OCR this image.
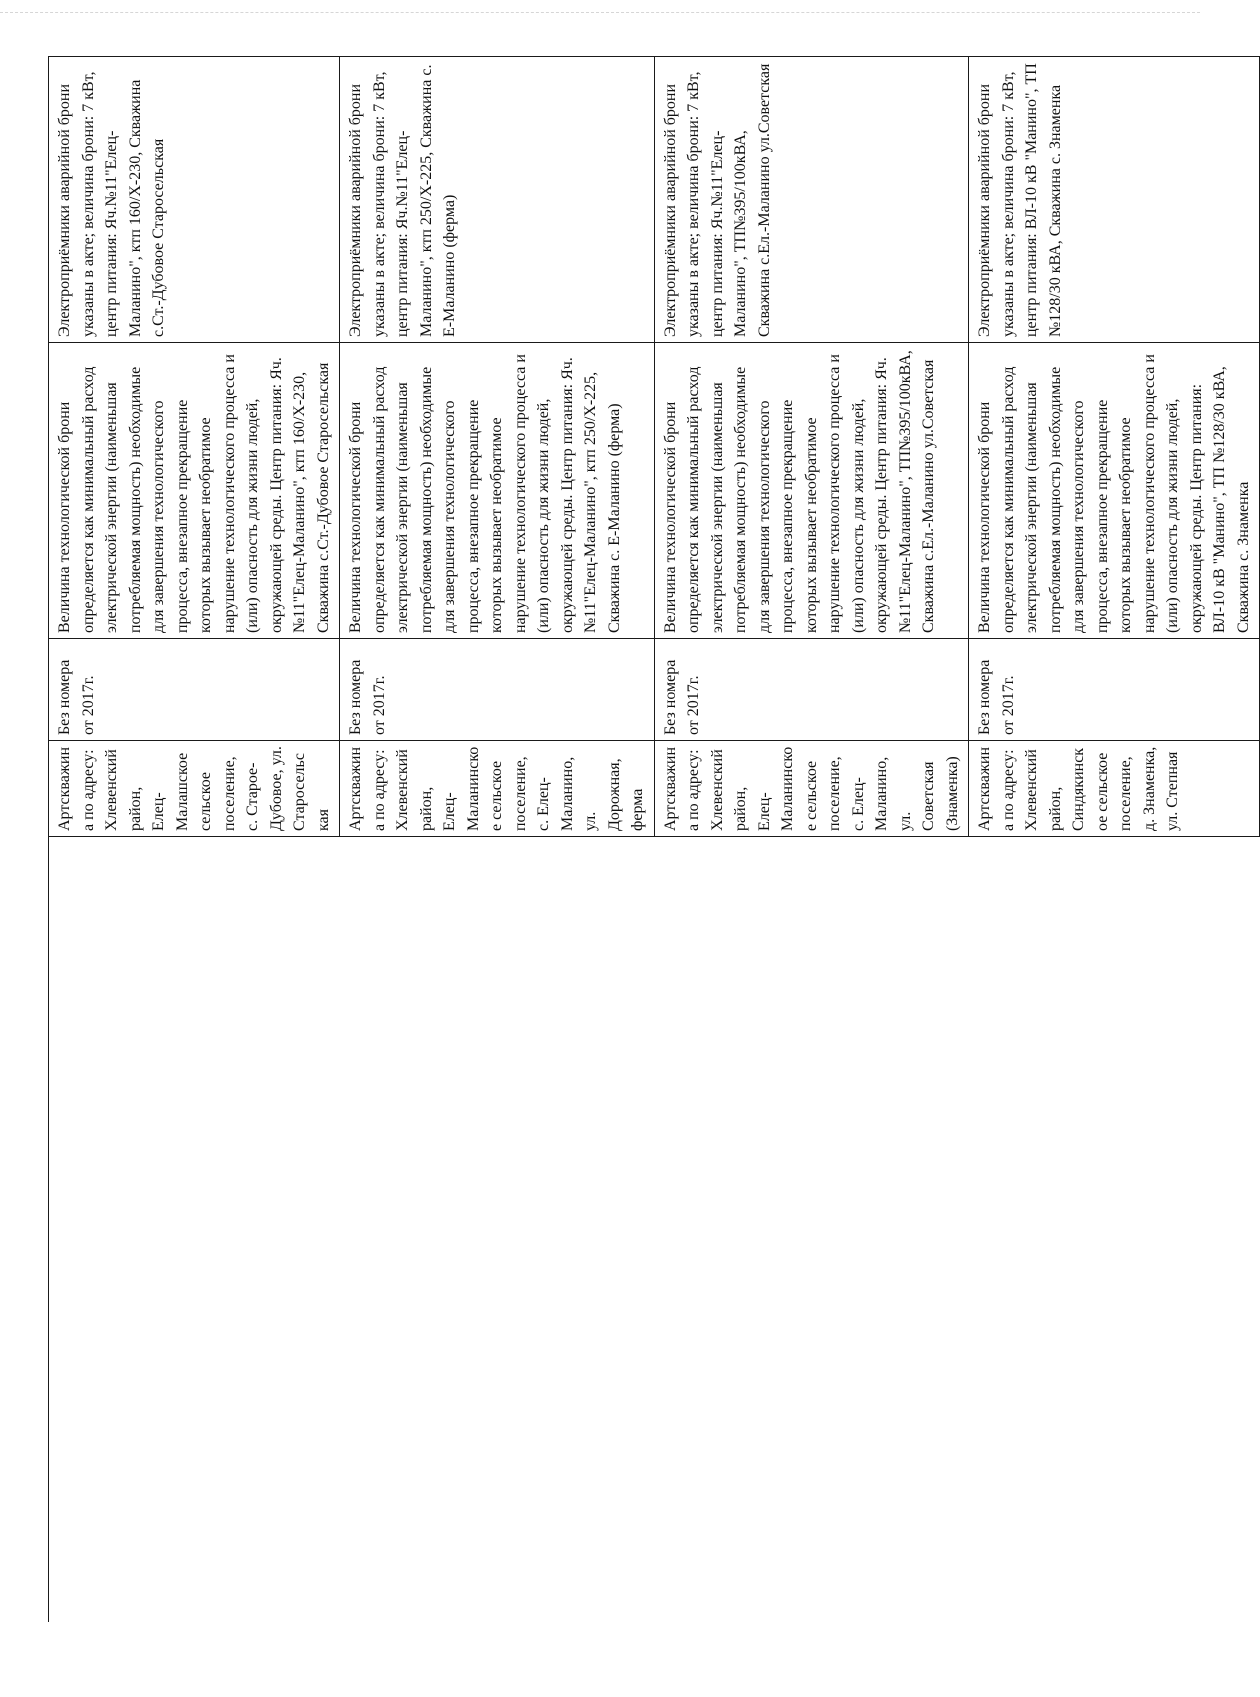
Артскважина по адресу: Хлевенский район, Елец-Малашское сельское поселение, с. Старое-Дубовое, ул. Старосельская	Без номера от 2017г.	Величина технологической брони определяется как минимальный расход электрической энергии (наименьшая потребляемая мощность) необходимые для завершения технологического процесса, внезапное прекращение которых вызывает необратимое нарушение технологического процесса и (или) опасность для жизни людей, окружающей среды. Центр питания: Яч.№11"Елец-Маланино", ктп 160/Х-230, Скважина с.Ст.-Дубовое Старосельская	Электроприёмники аварийной брони указаны в акте; величина брони: 7 кВт, центр питания: Яч.№11"Елец-Маланино", ктп 160/Х-230, Скважина с.Ст.-Дубовое Старосельская
Артскважина по адресу: Хлевенский район, Елец-Маланинское сельское поселение, с. Елец-Маланино, ул. Дорожная, ферма	Без номера от 2017г.	Величина технологической брони определяется как минимальный расход электрической энергии (наименьшая потребляемая мощность) необходимые для завершения технологического процесса, внезапное прекращение которых вызывает необратимое нарушение технологического процесса и (или) опасность для жизни людей, окружающей среды. Центр питания: Яч.№11"Елец-Маланино", ктп 250/Х-225, Скважина с. Е-Маланино (ферма)	Электроприёмники аварийной брони указаны в акте; величина брони: 7 кВт, центр питания: Яч.№11"Елец-Маланино", ктп 250/Х-225, Скважина с. Е-Маланино (ферма)
Артскважина по адресу: Хлевенский район, Елец-Маланинское сельское поселение, с. Елец-Маланино, ул. Советская (Знаменка)	Без номера от 2017г.	Величина технологической брони определяется как минимальный расход электрической энергии (наименьшая потребляемая мощность) необходимые для завершения технологического процесса, внезапное прекращение которых вызывает необратимое нарушение технологического процесса и (или) опасность для жизни людей, окружающей среды. Центр питания: Яч.№11"Елец-Маланино", ТП№395/100кВА, Скважина с.Ел.-Маланино ул.Советская	Электроприёмники аварийной брони указаны в акте; величина брони: 7 кВт, центр питания: Яч.№11"Елец-Маланино", ТП№395/100кВА, Скважина с.Ел.-Маланино ул.Советская
Артскважина по адресу: Хлевенский район, Синдякинское сельское поселение, д. Знаменка, ул. Степная	Без номера от 2017г.	Величина технологической брони определяется как минимальный расход электрической энергии (наименьшая потребляемая мощность) необходимые для завершения технологического процесса, внезапное прекращение которых вызывает необратимое нарушение технологического процесса и (или) опасность для жизни людей, окружающей среды. Центр питания: ВЛ-10 кВ "Манино", ТП №128/30 кВА, Скважина с. Знаменка	Электроприёмники аварийной брони указаны в акте; величина брони: 7 кВт, центр питания: ВЛ-10 кВ "Манино", ТП №128/30 кВА, Скважина с. Знаменка
